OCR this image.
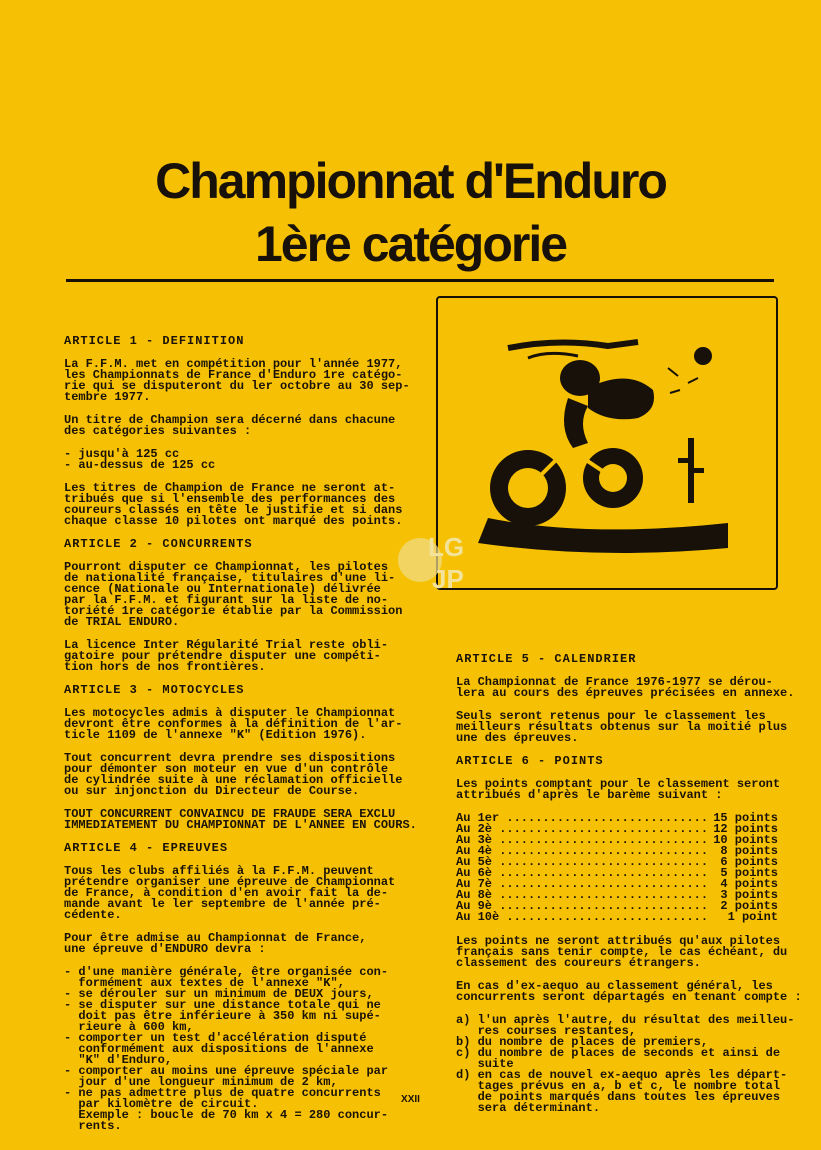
Championnat d'Enduro
1ère catégorie
LG
JP
ARTICLE 1 - DEFINITION
La F.F.M. met en compétition pour l'année 1977,
les Championnats de France d'Enduro 1re catégo-
rie qui se disputeront du ler octobre au 30 sep-
tembre 1977.
Un titre de Champion sera décerné dans chacune
des catégories suivantes :
- jusqu'à 125 cc
- au-dessus de 125 cc
Les titres de Champion de France ne seront at-
tribués que si l'ensemble des performances des
coureurs classés en tête le justifie et si dans
chaque classe 10 pilotes ont marqué des points.
ARTICLE 2 - CONCURRENTS
Pourront disputer ce Championnat, les pilotes
de nationalité française, titulaires d'une li-
cence (Nationale ou Internationale) délivrée
par la F.F.M. et figurant sur la liste de no-
toriété 1re catégorie établie par la Commission
de TRIAL ENDURO.
La licence Inter Régularité Trial reste obli-
gatoire pour prétendre disputer une compéti-
tion hors de nos frontières.
ARTICLE 3 - MOTOCYCLES
Les motocycles admis à disputer le Championnat
devront être conformes à la définition de l'ar-
ticle 1109 de l'annexe "K" (Edition 1976).
Tout concurrent devra prendre ses dispositions
pour démonter son moteur en vue d'un contrôle
de cylindrée suite à une réclamation officielle
ou sur injonction du Directeur de Course.
TOUT CONCURRENT CONVAINCU DE FRAUDE SERA EXCLU
IMMEDIATEMENT DU CHAMPIONNAT DE L'ANNEE EN COURS.
ARTICLE 4 - EPREUVES
Tous les clubs affiliés à la F.F.M. peuvent
prétendre organiser une épreuve de Championnat
de France, à condition d'en avoir fait la de-
mande avant le ler septembre de l'année pré-
cédente.
Pour être admise au Championnat de France,
une épreuve d'ENDURO devra :
- d'une manière générale, être organisée con-
formément aux textes de l'annexe "K",
- se dérouler sur un minimum de DEUX jours,
- se disputer sur une distance totale qui ne
doit pas être inférieure à 350 km ni supé-
rieure à 600 km,
- comporter un test d'accélération disputé
conformément aux dispositions de l'annexe
"K" d'Enduro,
- comporter au moins une épreuve spéciale par
jour d'une longueur minimum de 2 km,
- ne pas admettre plus de quatre concurrents
par kilomètre de circuit.
Exemple : boucle de 70 km x 4 = 280 concur-
rents.
ARTICLE 5 - CALENDRIER
La Championnat de France 1976-1977 se dérou-
lera au cours des épreuves précisées en annexe.
Seuls seront retenus pour le classement les
meilleurs résultats obtenus sur la moitié plus
une des épreuves.
ARTICLE 6 - POINTS
Les points comptant pour le classement seront
attribués d'après le barème suivant :
Au 1er ............................ 15 points
Au 2è ............................. 12 points
Au 3è ............................. 10 points
Au 4è ............................. 8 points
Au 5è ............................. 6 points
Au 6è ............................. 5 points
Au 7è ............................. 4 points
Au 8è ............................. 3 points
Au 9è ............................. 2 points
Au 10è ............................ 1 point
Les points ne seront attribués qu'aux pilotes
français sans tenir compte, le cas échéant, du
classement des coureurs étrangers.
En cas d'ex-aequo au classement général, les
concurrents seront départagés en tenant compte :
a) l'un après l'autre, du résultat des meilleu-
res courses restantes,
b) du nombre de places de premiers,
c) du nombre de places de seconds et ainsi de
suite
d) en cas de nouvel ex-aequo après les départ-
tages prévus en a, b et c, le nombre total
de points marqués dans toutes les épreuves
sera déterminant.
XXII
